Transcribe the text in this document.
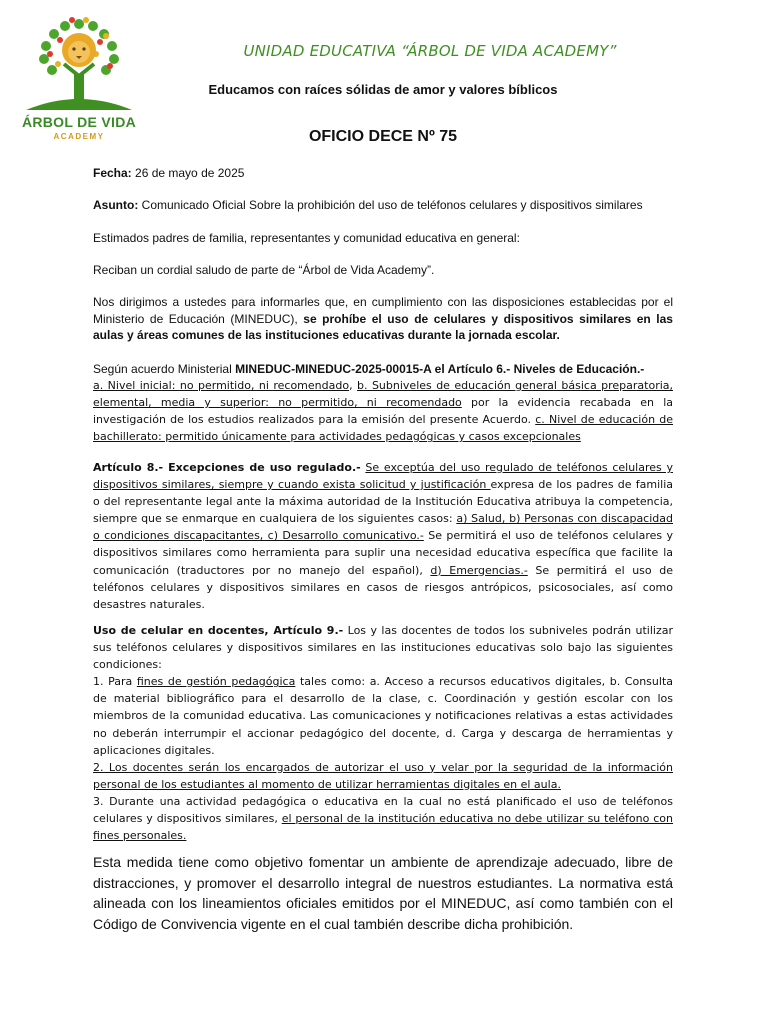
ÁRBOL DE VIDA
ACADEMY
UNIDAD EDUCATIVA “ÁRBOL DE VIDA ACADEMY”
Educamos con raíces sólidas de amor y valores bíblicos
OFICIO DECE Nº 75

Fecha: 26 de mayo de 2025

Asunto: Comunicado Oficial Sobre la prohibición del uso de teléfonos celulares y dispositivos similares

Estimados padres de familia, representantes y comunidad educativa en general:

Reciban un cordial saludo de parte de “Árbol de Vida Academy”.

Nos dirigimos a ustedes para informarles que, en cumplimiento con las disposiciones establecidas por el Ministerio de Educación (MINEDUC), se prohíbe el uso de celulares y dispositivos similares en las aulas y áreas comunes de las instituciones educativas durante la jornada escolar.

Según acuerdo Ministerial MINEDUC-MINEDUC-2025-00015-A el Artículo 6.- Niveles de Educación.-

a. Nivel inicial: no permitido, ni recomendado, b. Subniveles de educación general básica preparatoria, elemental, media y superior: no permitido, ni recomendado por la evidencia recabada en la investigación de los estudios realizados para la emisión del presente Acuerdo. c. Nivel de educación de bachillerato: permitido únicamente para actividades pedagógicas y casos excepcionales

Artículo 8.- Excepciones de uso regulado.- Se exceptúa del uso regulado de teléfonos celulares y dispositivos similares, siempre y cuando exista solicitud y justificación expresa de los padres de familia o del representante legal ante la máxima autoridad de la Institución Educativa atribuya la competencia, siempre que se enmarque en cualquiera de los siguientes casos: a) Salud, b) Personas con discapacidad o condiciones discapacitantes, c) Desarrollo comunicativo.- Se permitirá el uso de teléfonos celulares y dispositivos similares como herramienta para suplir una necesidad educativa específica que facilite la comunicación (traductores por no manejo del español), d) Emergencias.- Se permitirá el uso de teléfonos celulares y dispositivos similares en casos de riesgos antrópicos, psicosociales, así como desastres naturales.

Uso de celular en docentes, Artículo 9.- Los y las docentes de todos los subniveles podrán utilizar sus teléfonos celulares y dispositivos similares en las instituciones educativas solo bajo las siguientes condiciones:
1. Para fines de gestión pedagógica tales como: a. Acceso a recursos educativos digitales, b. Consulta de material bibliográfico para el desarrollo de la clase, c. Coordinación y gestión escolar con los miembros de la comunidad educativa. Las comunicaciones y notificaciones relativas a estas actividades no deberán interrumpir el accionar pedagógico del docente, d. Carga y descarga de herramientas y aplicaciones digitales.
2. Los docentes serán los encargados de autorizar el uso y velar por la seguridad de la información personal de los estudiantes al momento de utilizar herramientas digitales en el aula.
3. Durante una actividad pedagógica o educativa en la cual no está planificado el uso de teléfonos celulares y dispositivos similares, el personal de la institución educativa no debe utilizar su teléfono con fines personales.

Esta medida tiene como objetivo fomentar un ambiente de aprendizaje adecuado, libre de distracciones, y promover el desarrollo integral de nuestros estudiantes. La normativa está alineada con los lineamientos oficiales emitidos por el MINEDUC, así como también con el Código de Convivencia vigente en el cual también describe dicha prohibición.
